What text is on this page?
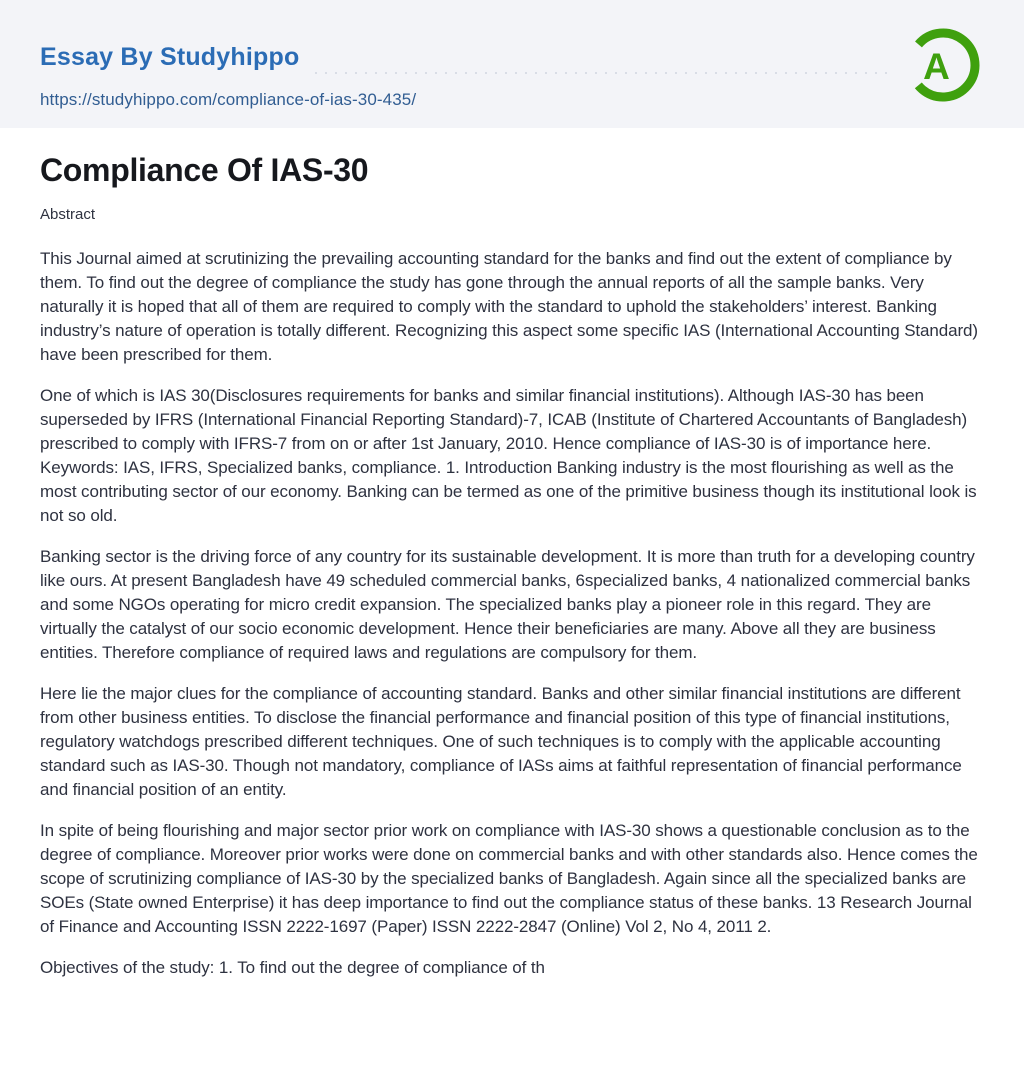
Essay By Studyhippo
https://studyhippo.com/compliance-of-ias-30-435/
A
Compliance Of IAS-30
Abstract

This Journal aimed at scrutinizing the prevailing accounting standard for the banks and find out the extent of compliance by them. To find out the degree of compliance the study has gone through the annual reports of all the sample banks. Very naturally it is hoped that all of them are required to comply with the standard to uphold the stakeholders’ interest. Banking industry’s nature of operation is totally different. Recognizing this aspect some specific IAS (International Accounting Standard) have been prescribed for them.

One of which is IAS 30(Disclosures requirements for banks and similar financial institutions). Although IAS-30 has been superseded by IFRS (International Financial Reporting Standard)-7, ICAB (Institute of Chartered Accountants of Bangladesh) prescribed to comply with IFRS-7 from on or after 1st January, 2010. Hence compliance of IAS-30 is of importance here. Keywords: IAS, IFRS, Specialized banks, compliance. 1. Introduction Banking industry is the most flourishing as well as the most contributing sector of our economy. Banking can be termed as one of the primitive business though its institutional look is not so old.

Banking sector is the driving force of any country for its sustainable development. It is more than truth for a developing country like ours. At present Bangladesh have 49 scheduled commercial banks, 6specialized banks, 4 nationalized commercial banks and some NGOs operating for micro credit expansion. The specialized banks play a pioneer role in this regard. They are virtually the catalyst of our socio economic development. Hence their beneficiaries are many. Above all they are business entities. Therefore compliance of required laws and regulations are compulsory for them.

Here lie the major clues for the compliance of accounting standard. Banks and other similar financial institutions are different from other business entities. To disclose the financial performance and financial position of this type of financial institutions, regulatory watchdogs prescribed different techniques. One of such techniques is to comply with the applicable accounting standard such as IAS-30. Though not mandatory, compliance of IASs aims at faithful representation of financial performance and financial position of an entity.

In spite of being flourishing and major sector prior work on compliance with IAS-30 shows a questionable conclusion as to the degree of compliance. Moreover prior works were done on commercial banks and with other standards also. Hence comes the scope of scrutinizing compliance of IAS-30 by the specialized banks of Bangladesh. Again since all the specialized banks are SOEs (State owned Enterprise) it has deep importance to find out the compliance status of these banks. 13 Research Journal of Finance and Accounting ISSN 2222-1697 (Paper) ISSN 2222-2847 (Online) Vol 2, No 4, 2011 2.

Objectives of the study: 1. To find out the degree of compliance of th
